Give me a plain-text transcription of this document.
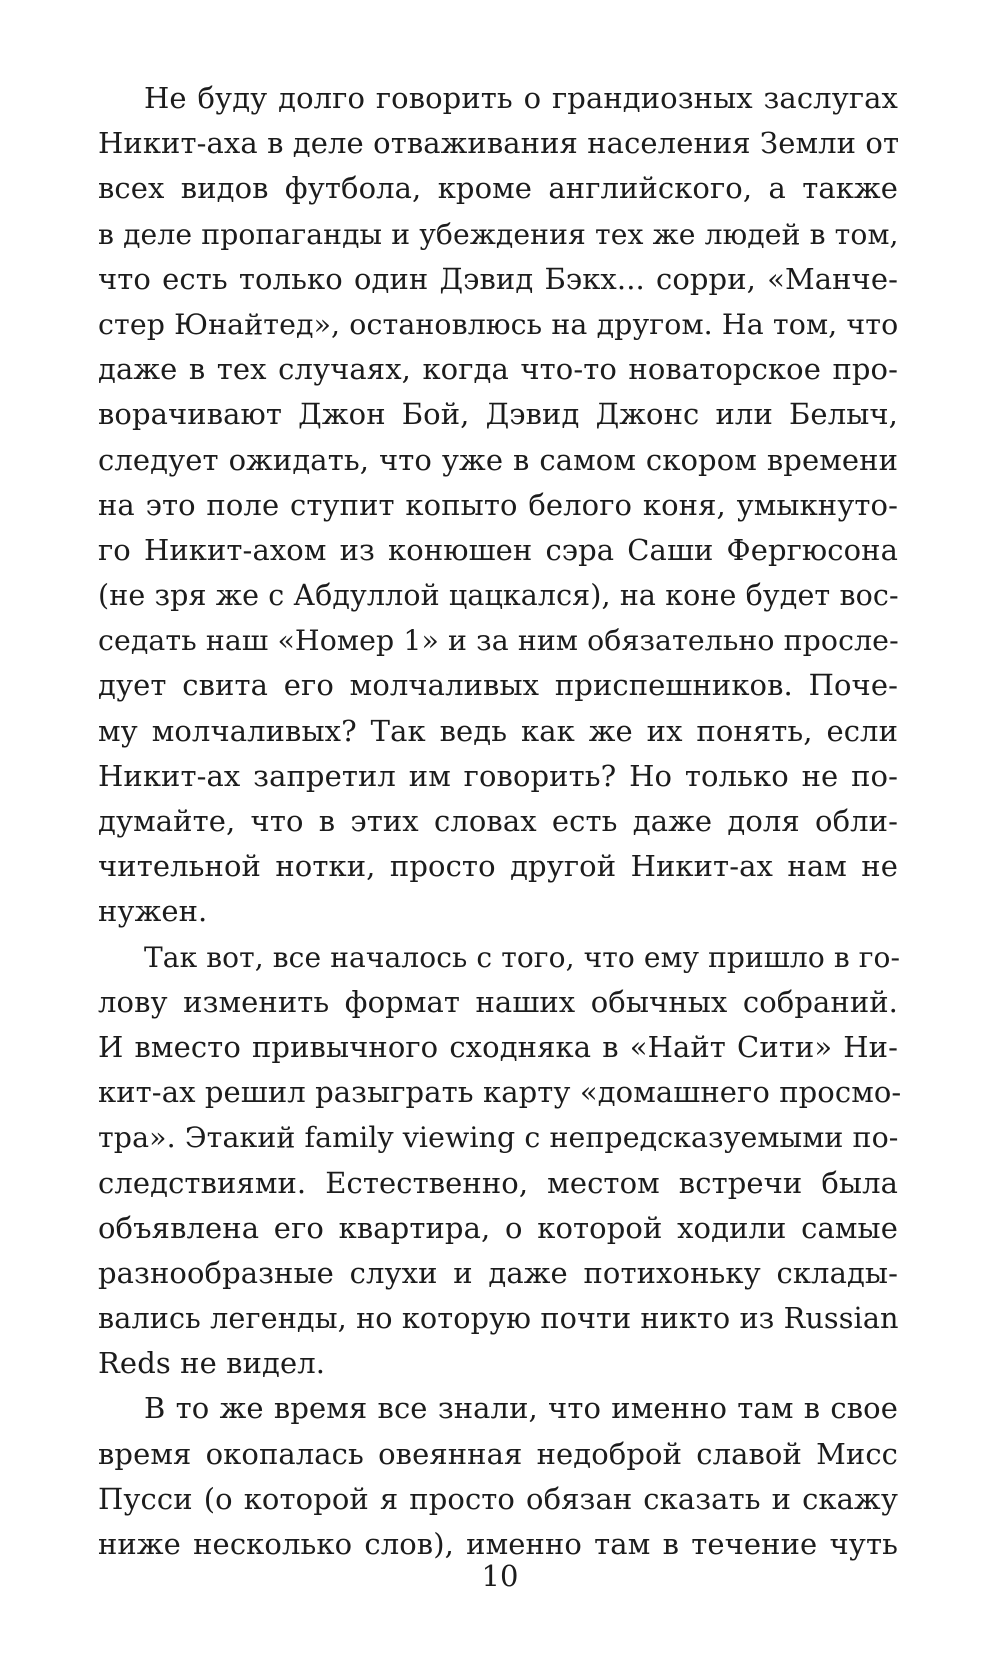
Не буду долго говорить о грандиозных заслугах
Никит-аха в деле отваживания населения Земли от
всех видов футбола, кроме английского, а также
в деле пропаганды и убеждения тех же людей в том,
что есть только один Дэвид Бэкх... сорри, «Манче-
стер Юнайтед», остановлюсь на другом. На том, что
даже в тех случаях, когда что-то новаторское про-
ворачивают Джон Бой, Дэвид Джонс или Белыч,
следует ожидать, что уже в самом скором времени
на это поле ступит копыто белого коня, умыкнуто-
го Никит-ахом из конюшен сэра Саши Фергюсона
(не зря же с Абдуллой цацкался), на коне будет вос-
седать наш «Номер 1» и за ним обязательно просле-
дует свита его молчаливых приспешников. Поче-
му молчаливых? Так ведь как же их понять, если
Никит-ах запретил им говорить? Но только не по-
думайте, что в этих словах есть даже доля обли-
чительной нотки, просто другой Никит-ах нам не
нужен.
Так вот, все началось с того, что ему пришло в го-
лову изменить формат наших обычных собраний.
И вместо привычного сходняка в «Найт Сити» Ни-
кит-ах решил разыграть карту «домашнего просмо-
тра». Этакий family viewing с непредсказуемыми по-
следствиями. Естественно, местом встречи была
объявлена его квартира, о которой ходили самые
разнообразные слухи и даже потихоньку склады-
вались легенды, но которую почти никто из Russian
Reds не видел.
В то же время все знали, что именно там в свое
время окопалась овеянная недоброй славой Мисс
Пусси (о которой я просто обязан сказать и скажу
ниже несколько слов), именно там в течение чуть
10
